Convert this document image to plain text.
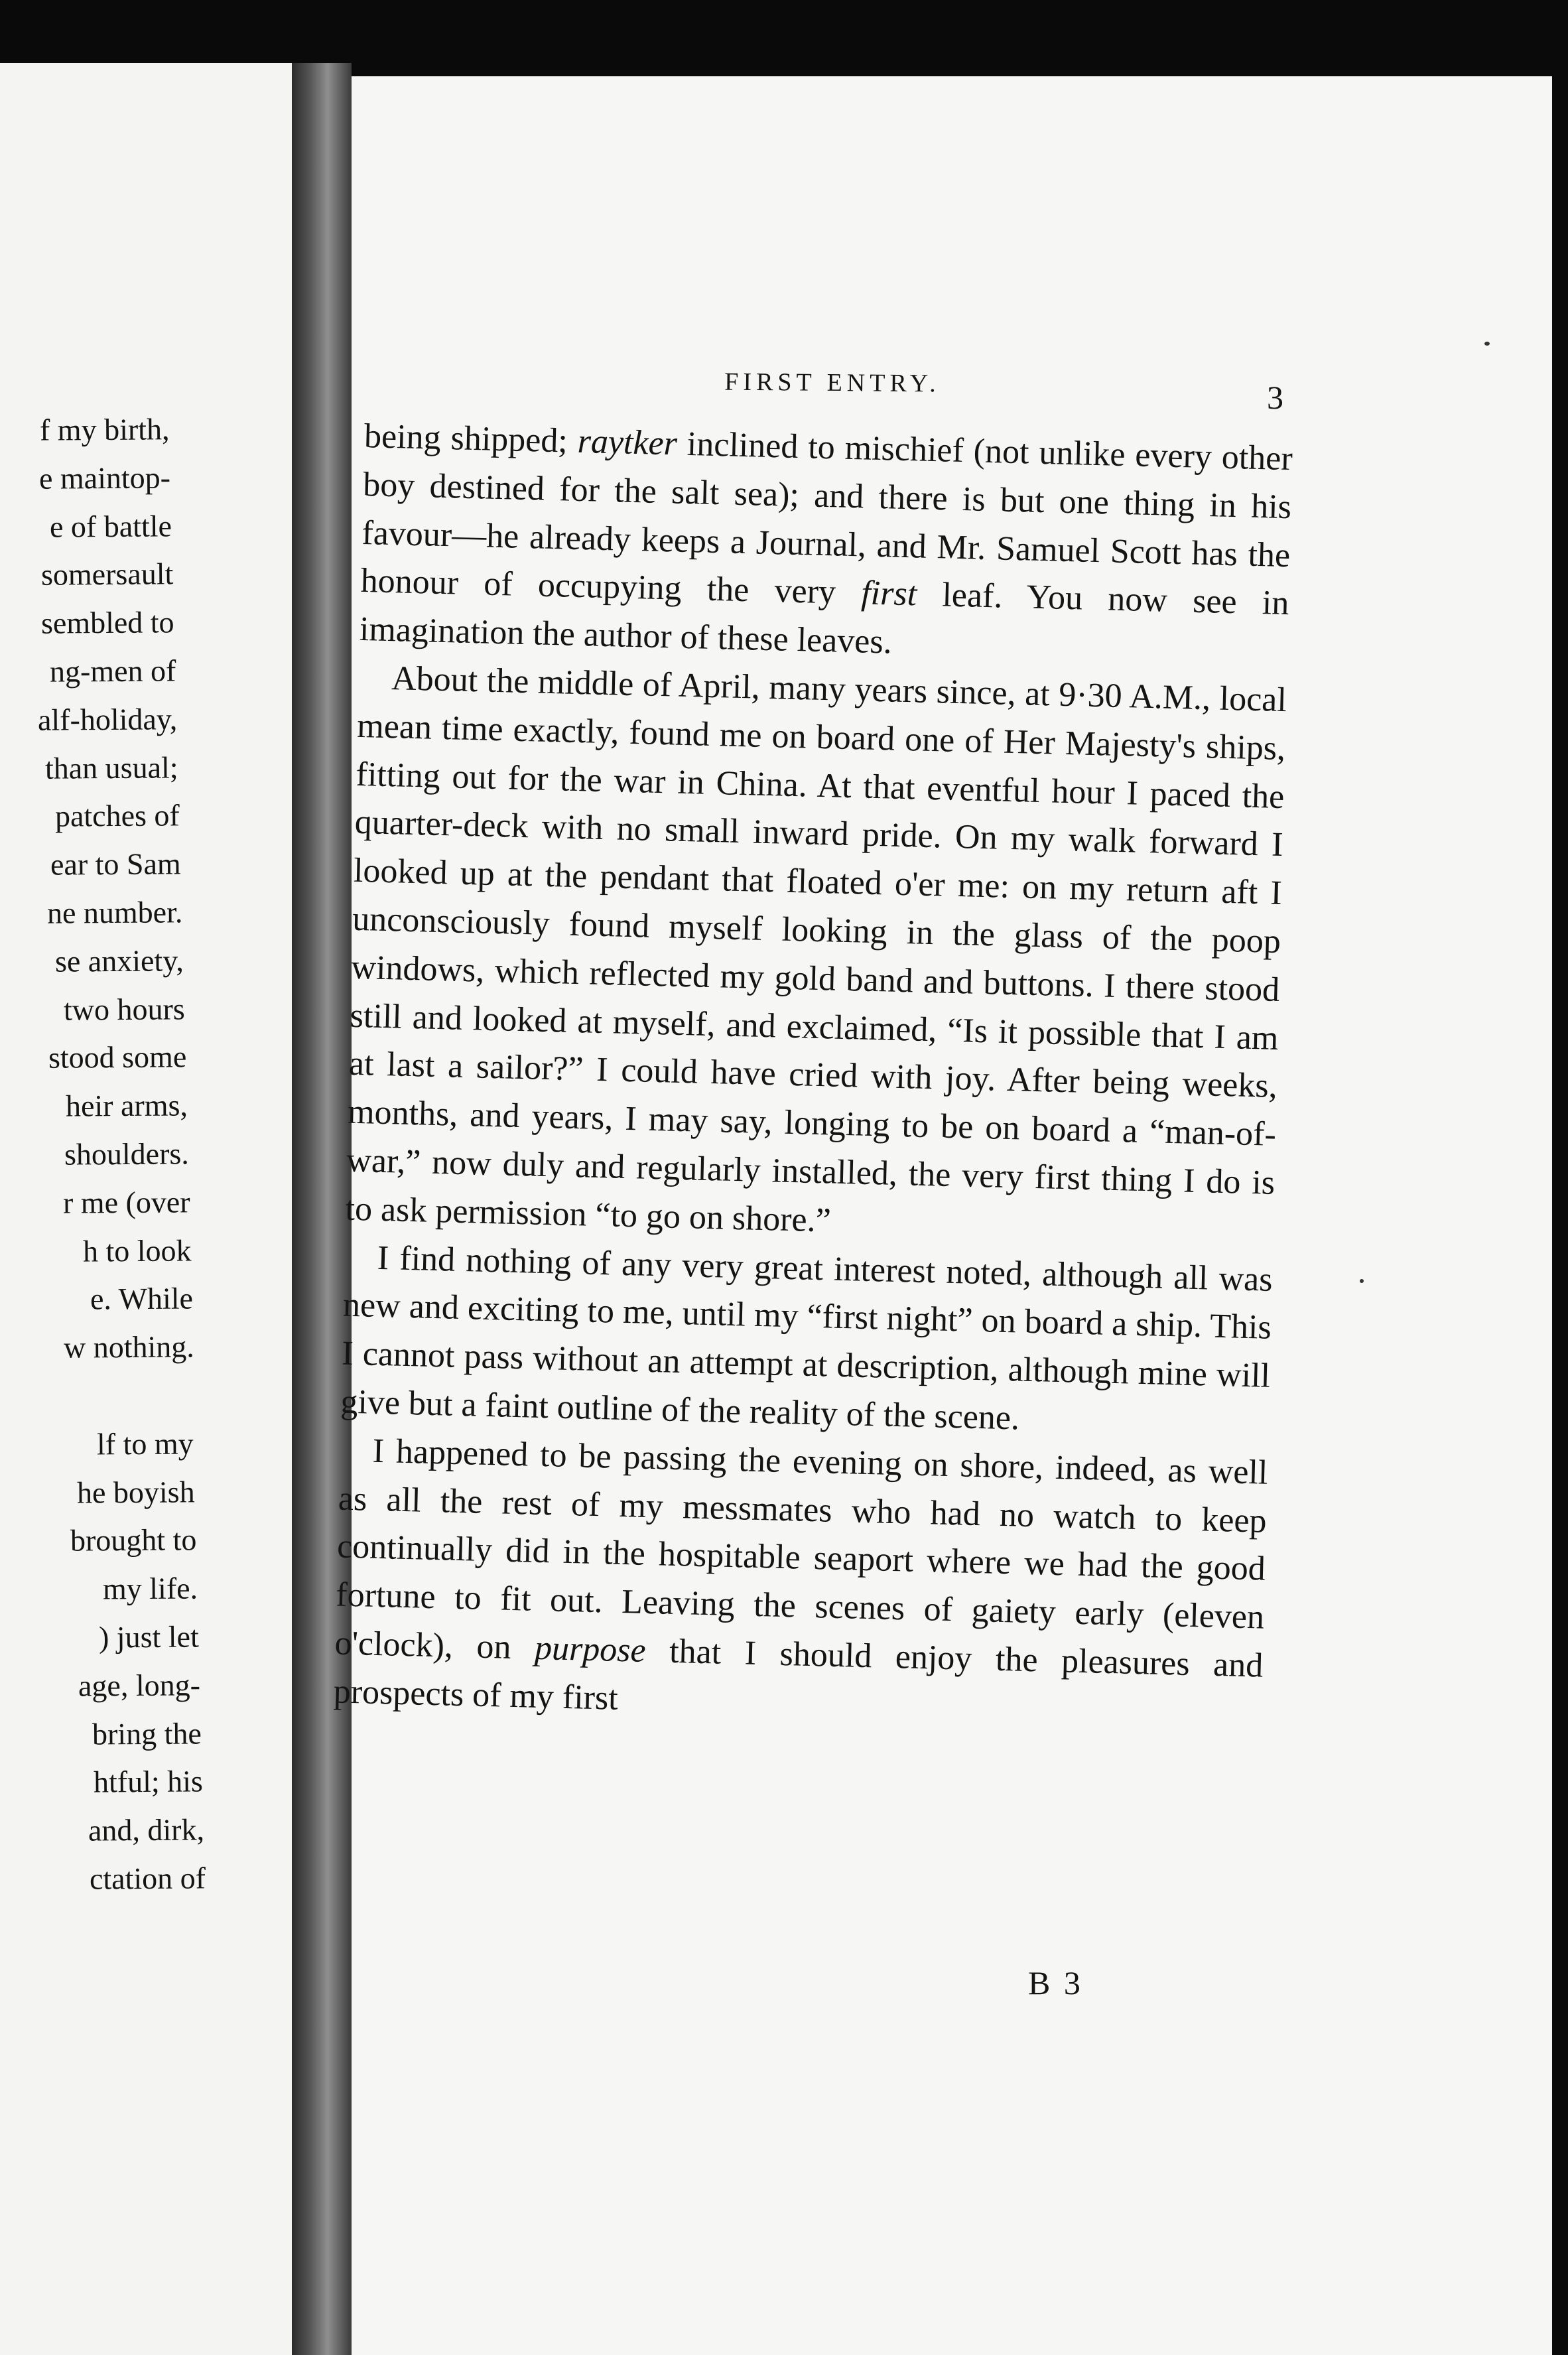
f my birth,
e maintop-
e of battle
somersault
sembled to
ng-men of
alf-holiday,
than usual;
patches of
ear to Sam
ne number.
se anxiety,
two hours
stood some
heir arms,
shoulders.
r me (over
h to look
e. While
w nothing.
lf to my
he boyish
brought to
my life.
) just let
age, long-
bring the
htful; his
and, dirk,
ctation of
FIRST ENTRY.	3

being shipped; raytker inclined to mischief (not unlike every other boy destined for the salt sea); and there is but one thing in his favour—he already keeps a Journal, and Mr. Samuel Scott has the honour of occupying the very first leaf. You now see in imagination the author of these leaves.

About the middle of April, many years since, at 9·30 A.M., local mean time exactly, found me on board one of Her Majesty's ships, fitting out for the war in China. At that eventful hour I paced the quarter-deck with no small inward pride. On my walk forward I looked up at the pendant that floated o'er me: on my return aft I unconsciously found myself looking in the glass of the poop windows, which reflected my gold band and buttons. I there stood still and looked at myself, and exclaimed, “Is it possible that I am at last a sailor?” I could have cried with joy. After being weeks, months, and years, I may say, longing to be on board a “man-of-war,” now duly and regularly installed, the very first thing I do is to ask permission “to go on shore.”

I find nothing of any very great interest noted, although all was new and exciting to me, until my “first night” on board a ship. This I cannot pass without an attempt at description, although mine will give but a faint outline of the reality of the scene.

I happened to be passing the evening on shore, indeed, as well as all the rest of my messmates who had no watch to keep continually did in the hospitable seaport where we had the good fortune to fit out. Leaving the scenes of gaiety early (eleven o'clock), on purpose that I should enjoy the pleasures and prospects of my first

B 3
